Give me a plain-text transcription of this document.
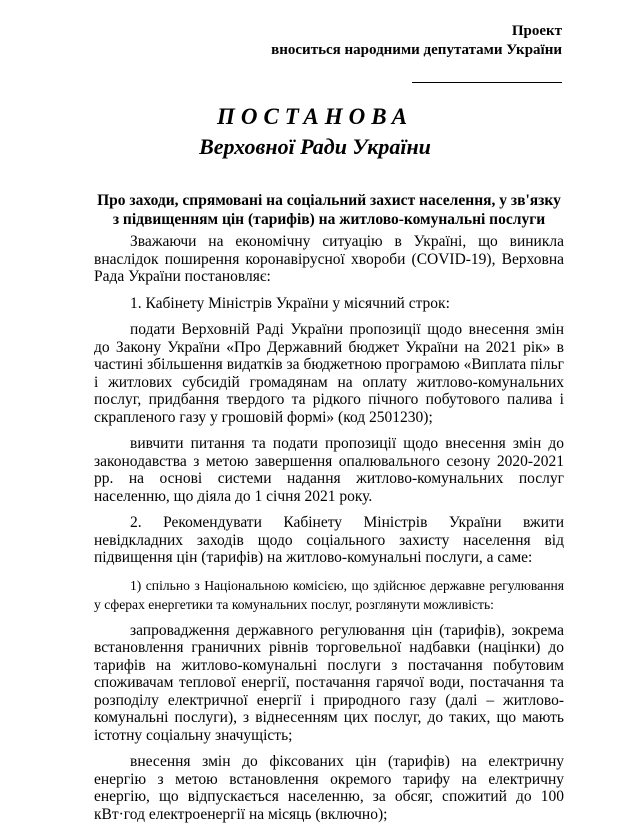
Проект
вноситься народними депутатами України
ПОСТАНОВА
Верховної Ради України
Про заходи, спрямовані на соціальний захист населення, у зв'язку з підвищенням цін (тарифів) на житлово-комунальні послуги

Зважаючи на економічну ситуацію в Україні, що виникла внаслідок поширення коронавірусної хвороби (COVID-19), Верховна Рада України постановляє:

1. Кабінету Міністрів України у місячний строк:

подати Верховній Раді України пропозиції щодо внесення змін до Закону України «Про Державний бюджет України на 2021 рік» в частині збільшення видатків за бюджетною програмою «Виплата пільг і житлових субсидій громадянам на оплату житлово-комунальних послуг, придбання твердого та рідкого пічного побутового палива і скрапленого газу у грошовій формі» (код 2501230);

вивчити питання та подати пропозиції щодо внесення змін до законодавства з метою завершення опалювального сезону 2020-2021 рр. на основі системи надання житлово-комунальних послуг населенню, що діяла до 1 січня 2021 року.

2. Рекомендувати Кабінету Міністрів України вжити невідкладних заходів щодо соціального захисту населення від підвищення цін (тарифів) на житлово-комунальні послуги, а саме:

1) спільно з Національною комісією, що здійснює державне регулювання у сферах енергетики та комунальних послуг, розглянути можливість:

запровадження державного регулювання цін (тарифів), зокрема встановлення граничних рівнів торговельної надбавки (націнки) до тарифів на житлово-комунальні послуги з постачання побутовим споживачам теплової енергії, постачання гарячої води, постачання та розподілу електричної енергії і природного газу (далі – житлово-комунальні послуги), з віднесенням цих послуг, до таких, що мають істотну соціальну значущість;

внесення змін до фіксованих цін (тарифів) на електричну енергію з метою встановлення окремого тарифу на електричну енергію, що відпускається населенню, за обсяг, спожитий до 100 кВт·год електроенергії на місяць (включно);
